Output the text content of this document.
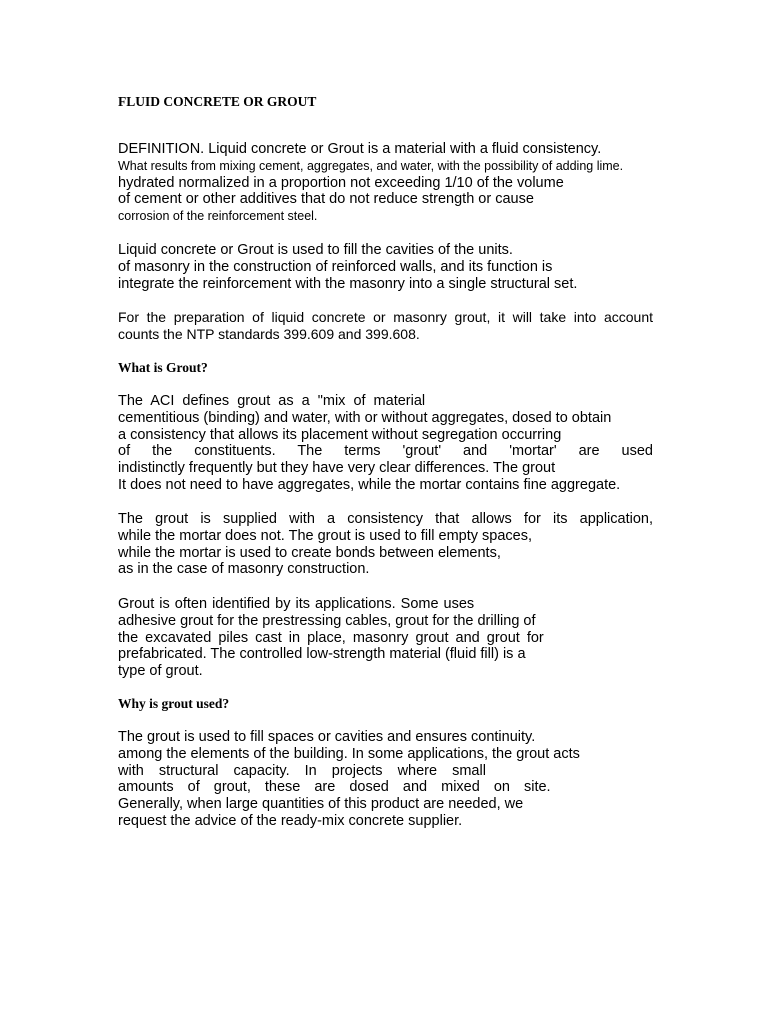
FLUID CONCRETE OR GROUT
DEFINITION. Liquid concrete or Grout is a material with a fluid consistency.
What results from mixing cement, aggregates, and water, with the possibility of adding lime.
hydrated normalized in a proportion not exceeding 1/10 of the volume
of cement or other additives that do not reduce strength or cause
corrosion of the reinforcement steel.
Liquid concrete or Grout is used to fill the cavities of the units.
of masonry in the construction of reinforced walls, and its function is
integrate the reinforcement with the masonry into a single structural set.
For the preparation of liquid concrete or masonry grout, it will take into account
counts the NTP standards 399.609 and 399.608.
What is Grout?
The ACI defines grout as a "mix of material
cementitious (binding) and water, with or without aggregates, dosed to obtain
a consistency that allows its placement without segregation occurring
of the constituents. The terms 'grout' and 'mortar' are used
indistinctly frequently but they have very clear differences. The grout
It does not need to have aggregates, while the mortar contains fine aggregate.
The grout is supplied with a consistency that allows for its application,
while the mortar does not. The grout is used to fill empty spaces,
while the mortar is used to create bonds between elements,
as in the case of masonry construction.
Grout is often identified by its applications. Some uses
adhesive grout for the prestressing cables, grout for the drilling of
the excavated piles cast in place, masonry grout and grout for
prefabricated. The controlled low-strength material (fluid fill) is a
type of grout.
Why is grout used?
The grout is used to fill spaces or cavities and ensures continuity.
among the elements of the building. In some applications, the grout acts
with structural capacity. In projects where small
amounts of grout, these are dosed and mixed on site.
Generally, when large quantities of this product are needed, we
request the advice of the ready-mix concrete supplier.
